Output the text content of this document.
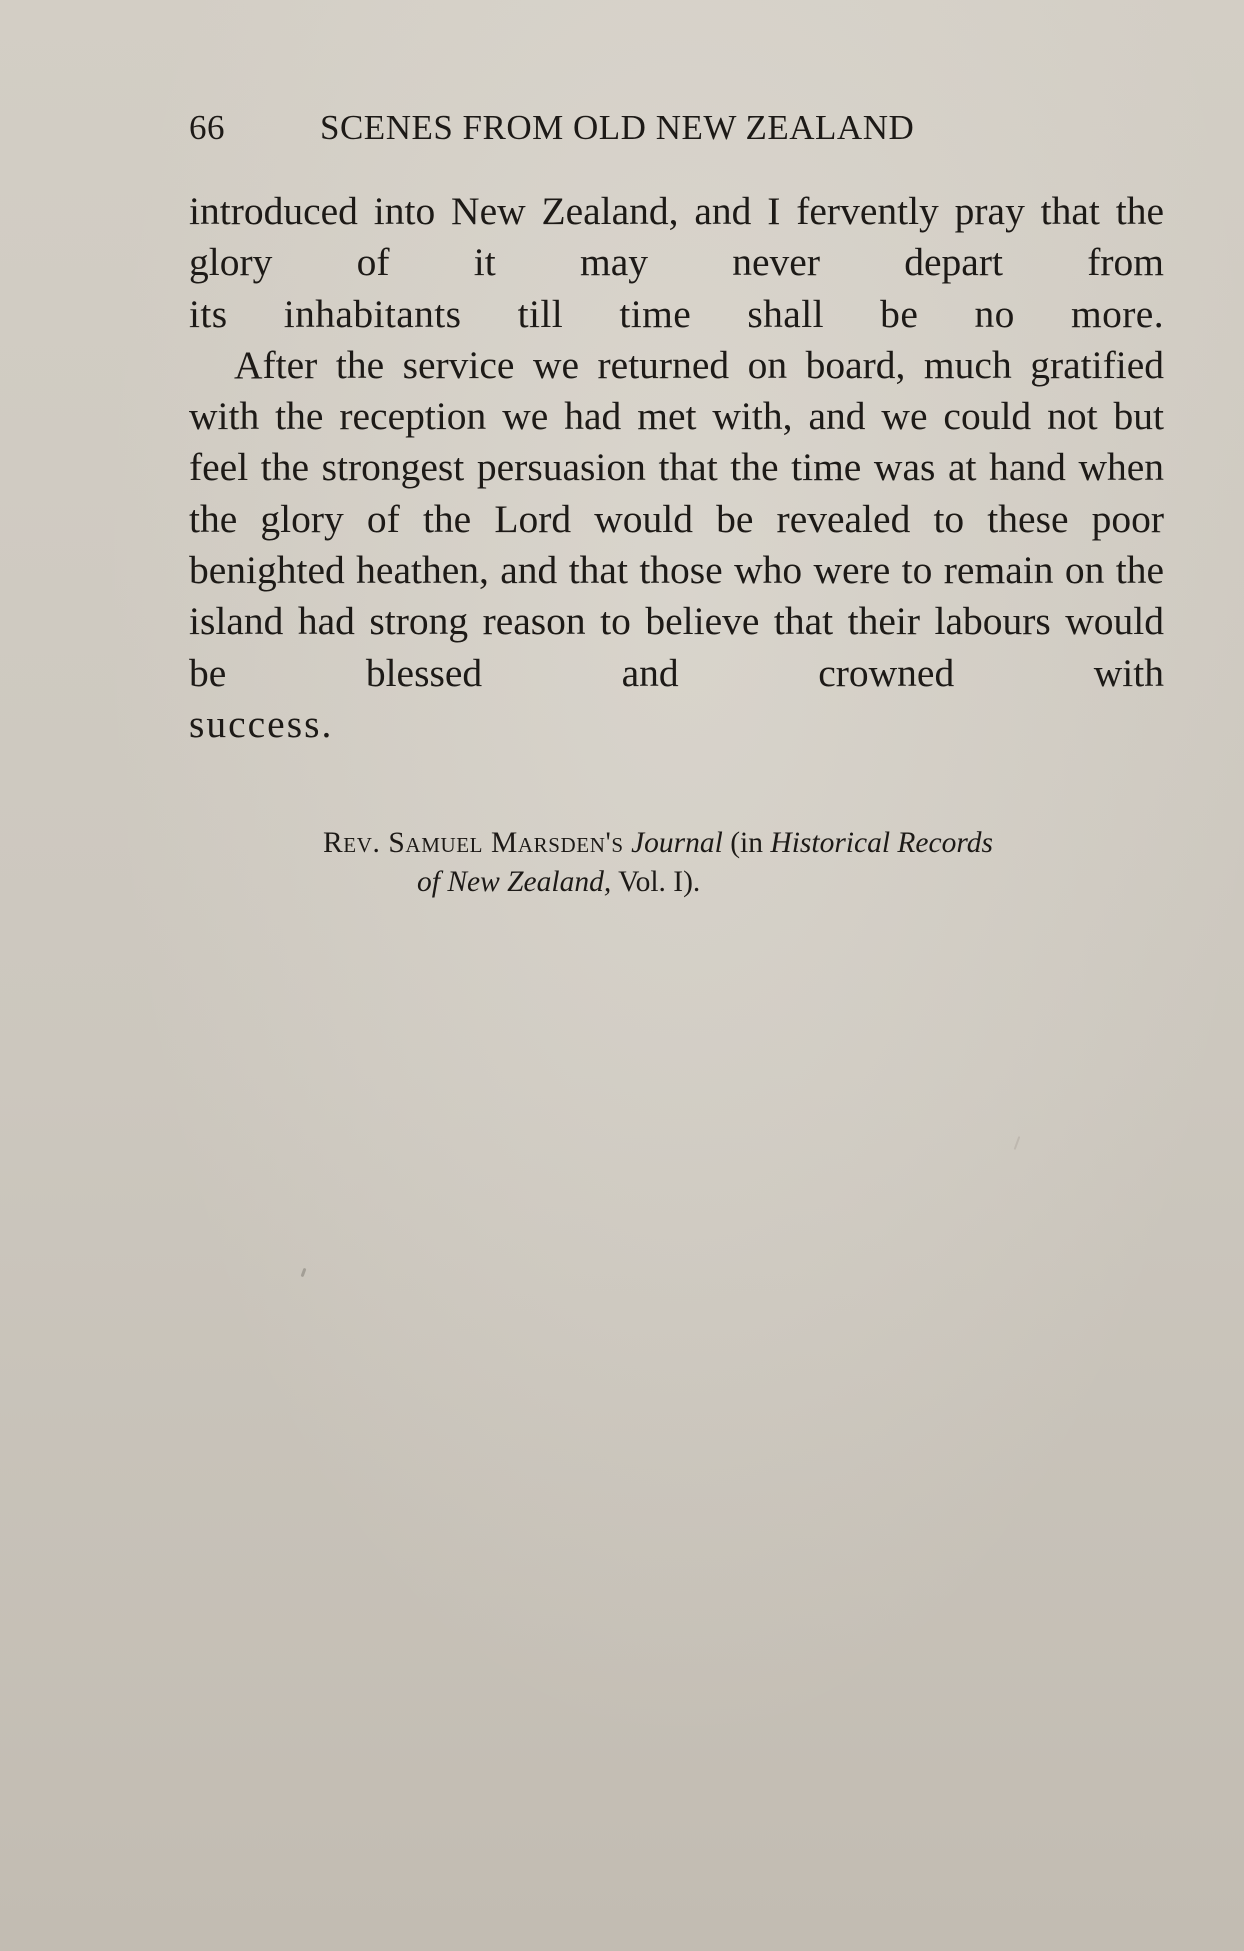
66	SCENES FROM OLD NEW ZEALAND

introduced into New Zealand, and I fervently pray that the glory of it may never depart from
its inhabitants till time shall be no more.

After the service we returned on board, much gratified with the reception we had met with, and we could not but feel the strongest persuasion that the time was at hand when the glory of the Lord would be revealed to these poor benighted heathen, and that those who were to remain on the island had strong reason to believe that their labours would be blessed and crowned with
success.

Rev. Samuel Marsden's Journal (in Historical Records
of New Zealand, Vol. I).
